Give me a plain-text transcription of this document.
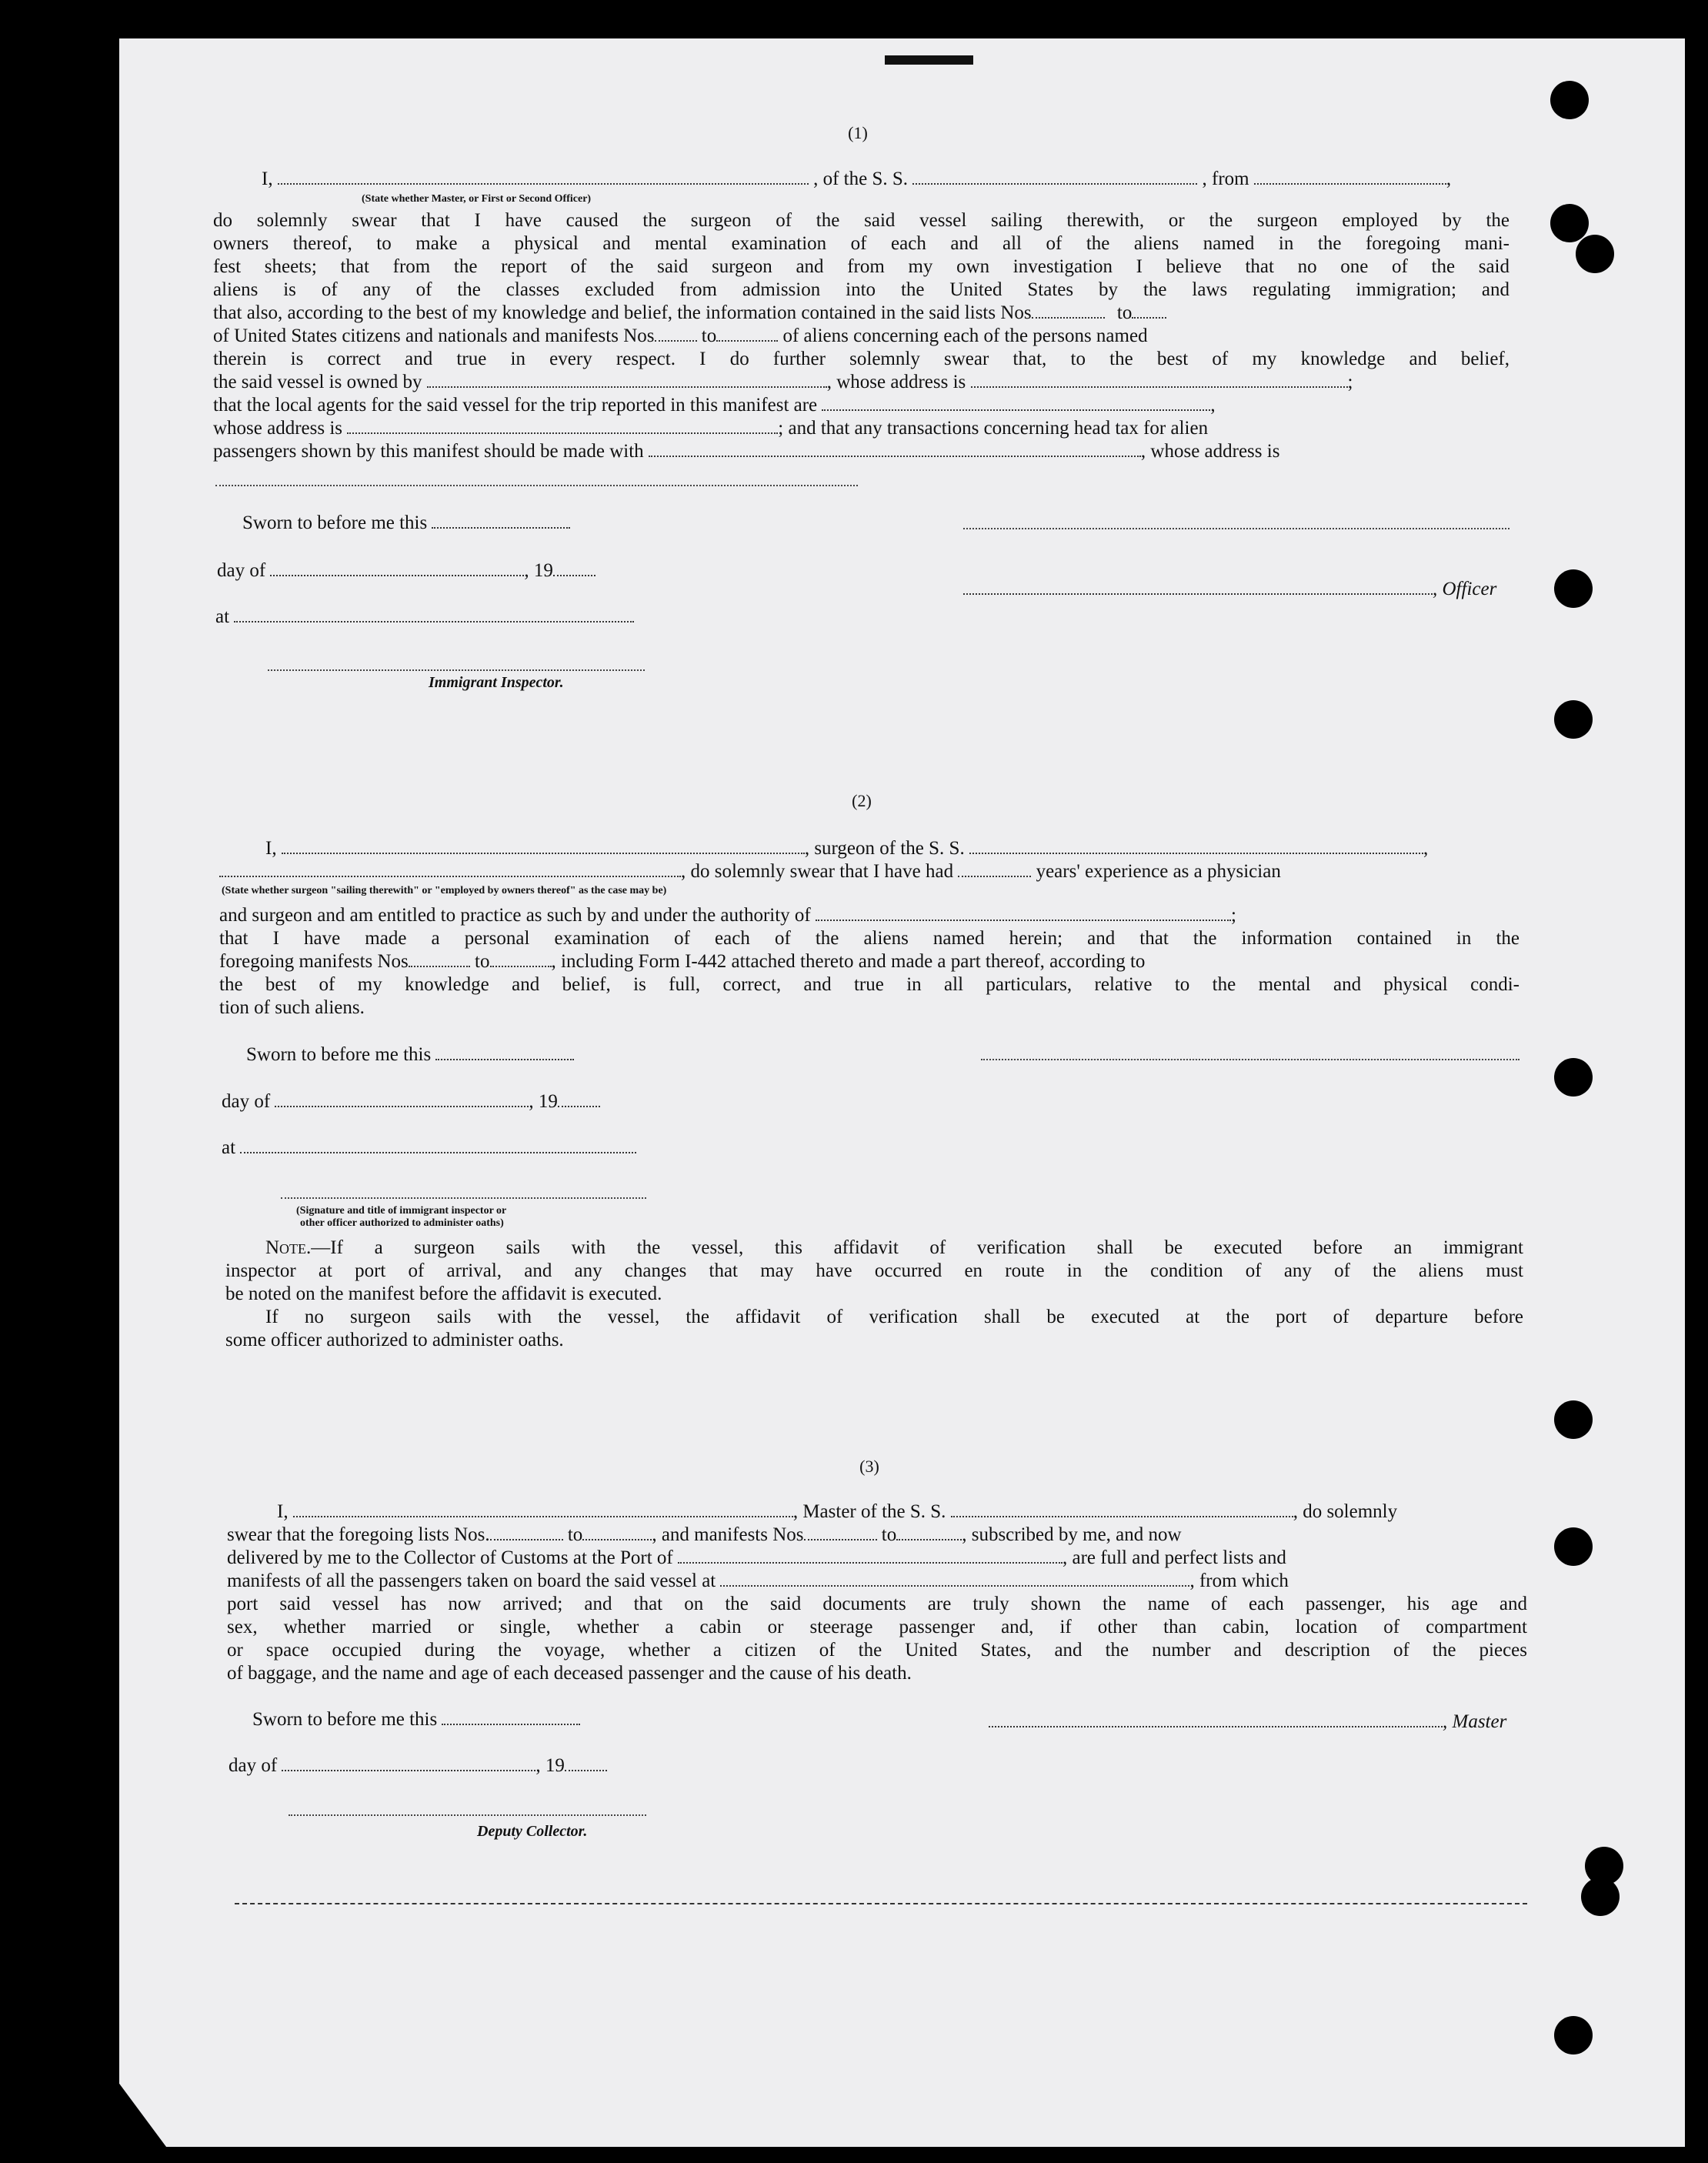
(1)
I,	, of the S. S.	, from	,
(State whether Master, or First or Second Officer)
do solemnly swear that I have caused the surgeon of the said vessel sailing therewith, or the surgeon employed by the
owners thereof, to make a physical and mental examination of each and all of the aliens named in the foregoing mani-
fest sheets; that from the report of the said surgeon and from my own investigation I believe that no one of the said
aliens is of any of the classes excluded from admission into the United States by the laws regulating immigration; and
that also, according to the best of my knowledge and belief, the information contained in the said lists Nos	to
of United States citizens and nationals and manifests Nos to	of aliens concerning each of the persons named
therein is correct and true in every respect. I do further solemnly swear that, to the best of my knowledge and belief,
the said vessel is owned by	, whose address is	;
that the local agents for the said vessel for the trip reported in this manifest are	,
whose address is	; and that any transactions concerning head tax for alien
passengers shown by this manifest should be made with	, whose address is
Sworn to before me this
day of	, 19
, Officer
at
Immigrant Inspector.
(2)
I,	, surgeon of the S. S.	,
, do solemnly swear that I have had	years' experience as a physician
(State whether surgeon "sailing therewith" or "employed by owners thereof" as the case may be)
and surgeon and am entitled to practice as such by and under the authority of	;
that I have made a personal examination of each of the aliens named herein; and that the information contained in the
foregoing manifests Nos	to	, including Form I-442 attached thereto and made a part thereof, according to
the best of my knowledge and belief, is full, correct, and true in all particulars, relative to the mental and physical condi-
tion of such aliens.
Sworn to before me this
day of	, 19
at
(Signature and title of immigrant inspector or
other officer authorized to administer oaths)
Note.—If a surgeon sails with the vessel, this affidavit of verification shall be executed before an immigrant
inspector at port of arrival, and any changes that may have occurred en route in the condition of any of the aliens must
be noted on the manifest before the affidavit is executed.
If no surgeon sails with the vessel, the affidavit of verification shall be executed at the port of departure before
some officer authorized to administer oaths.
(3)
I,	, Master of the S. S.	, do solemnly
swear that the foregoing lists Nos.	to	, and manifests Nos	to	, subscribed by me, and now
delivered by me to the Collector of Customs at the Port of	, are full and perfect lists and
manifests of all the passengers taken on board the said vessel at	, from which
port said vessel has now arrived; and that on the said documents are truly shown the name of each passenger, his age and
sex, whether married or single, whether a cabin or steerage passenger and, if other than cabin, location of compartment
or space occupied during the voyage, whether a citizen of the United States, and the number and description of the pieces
of baggage, and the name and age of each deceased passenger and the cause of his death.
Sworn to before me this	, Master
day of	, 19
Deputy Collector.
